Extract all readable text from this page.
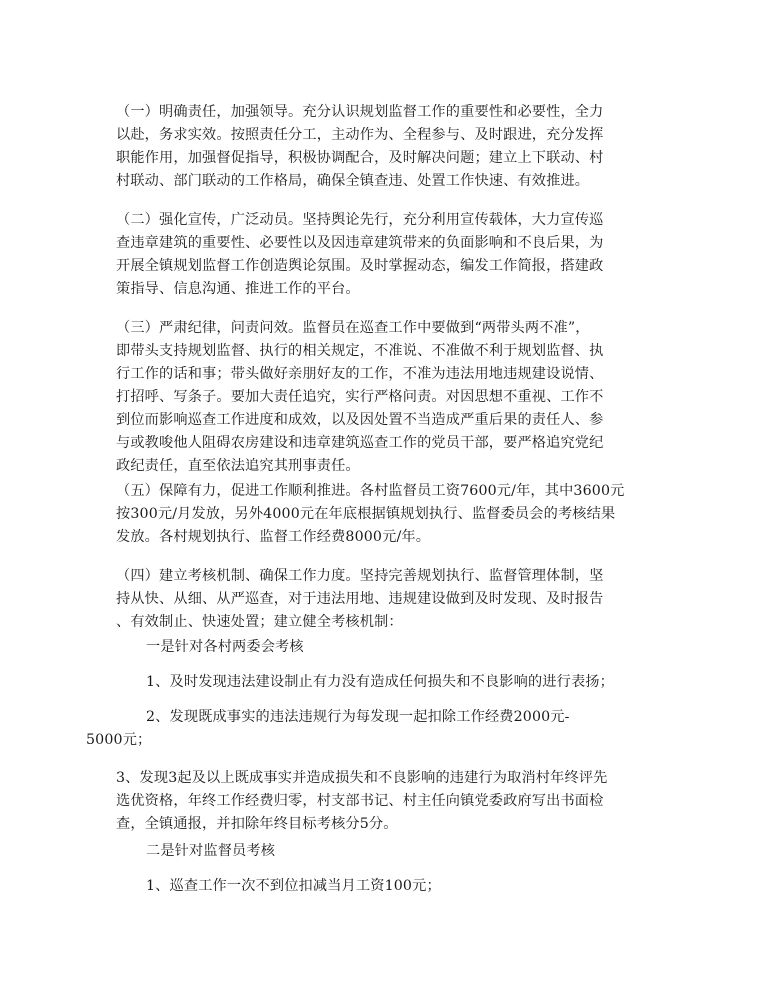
（一）明确责任，加强领导。充分认识规划监督工作的重要性和必要性，全力
以赴，务求实效。按照责任分工，主动作为、全程参与、及时跟进，充分发挥
职能作用，加强督促指导，积极协调配合，及时解决问题；建立上下联动、村
村联动、部门联动的工作格局，确保全镇查违、处置工作快速、有效推进。

（二）强化宣传，广泛动员。坚持舆论先行，充分利用宣传载体，大力宣传巡
查违章建筑的重要性、必要性以及因违章建筑带来的负面影响和不良后果，为
开展全镇规划监督工作创造舆论氛围。及时掌握动态，编发工作简报，搭建政
策指导、信息沟通、推进工作的平台。

（三）严肃纪律，问责问效。监督员在巡查工作中要做到“两带头两不准”，
即带头支持规划监督、执行的相关规定，不准说、不准做不利于规划监督、执
行工作的话和事；带头做好亲朋好友的工作，不准为违法用地违规建设说情、
打招呼、写条子。要加大责任追究，实行严格问责。对因思想不重视、工作不
到位而影响巡查工作进度和成效，以及因处置不当造成严重后果的责任人、参
与或教唆他人阻碍农房建设和违章建筑巡查工作的党员干部，要严格追究党纪
政纪责任，直至依法追究其刑事责任。

（五）保障有力，促进工作顺利推进。各村监督员工资7600元/年，其中3600元
按300元/月发放，另外4000元在年底根据镇规划执行、监督委员会的考核结果
发放。各村规划执行、监督工作经费8000元/年。

（四）建立考核机制、确保工作力度。坚持完善规划执行、监督管理体制，坚
持从快、从细、从严巡查，对于违法用地、违规建设做到及时发现、及时报告
、有效制止、快速处置；建立健全考核机制：

一是针对各村两委会考核

1、及时发现违法建设制止有力没有造成任何损失和不良影响的进行表扬；

2、发现既成事实的违法违规行为每发现一起扣除工作经费2000元-
5000元；

3、发现3起及以上既成事实并造成损失和不良影响的违建行为取消村年终评先
选优资格，年终工作经费归零，村支部书记、村主任向镇党委政府写出书面检
查，全镇通报，并扣除年终目标考核分5分。

二是针对监督员考核

1、巡查工作一次不到位扣减当月工资100元；
